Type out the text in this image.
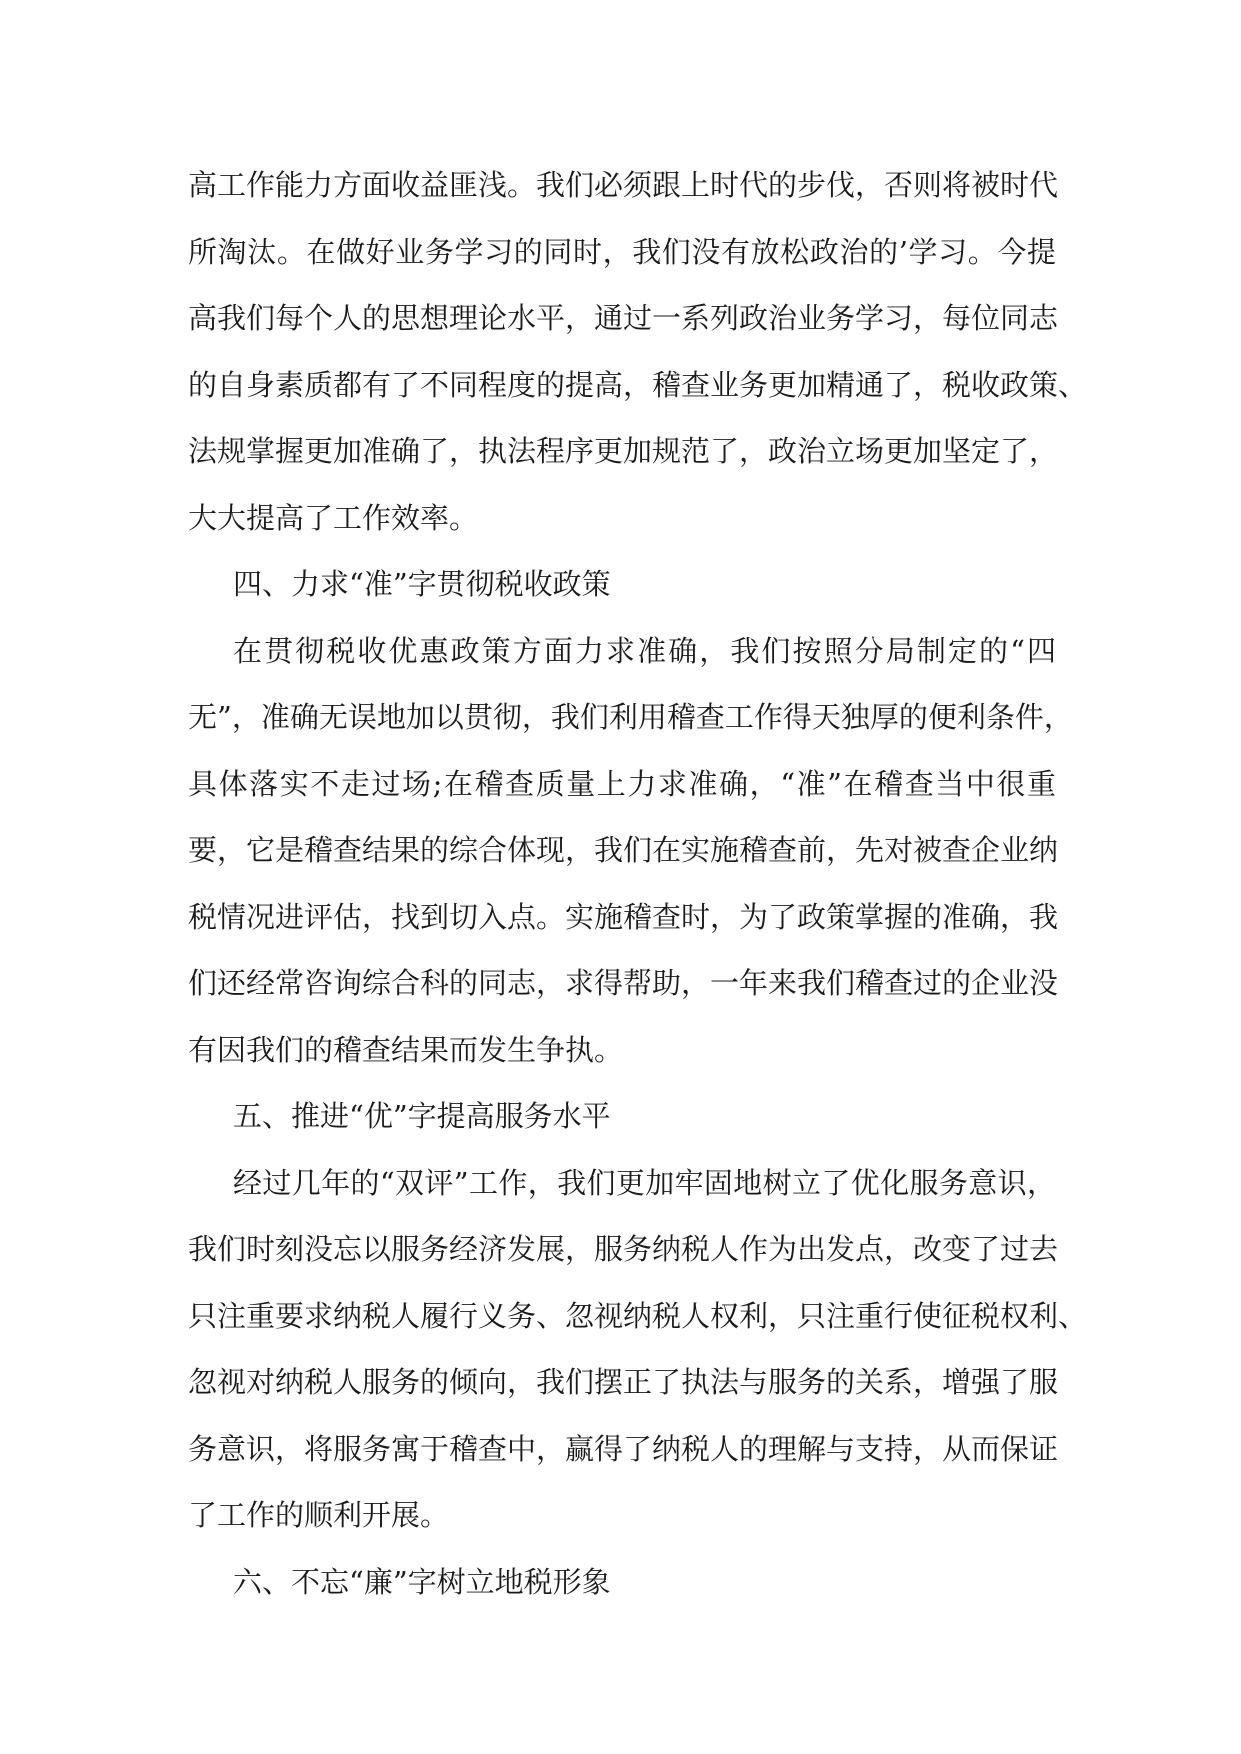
高工作能力方面收益匪浅。我们必须跟上时代的步伐，否则将被时代
所淘汰。在做好业务学习的同时，我们没有放松政治的’学习。今提
高我们每个人的思想理论水平，通过一系列政治业务学习，每位同志
的自身素质都有了不同程度的提高，稽查业务更加精通了，税收政策、
法规掌握更加准确了，执法程序更加规范了，政治立场更加坚定了，
大大提高了工作效率。
四、力求“准”字贯彻税收政策
在贯彻税收优惠政策方面力求准确，我们按照分局制定的“四
无”，准确无误地加以贯彻，我们利用稽查工作得天独厚的便利条件，
具体落实不走过场;在稽查质量上力求准确，“准”在稽查当中很重
要，它是稽查结果的综合体现，我们在实施稽查前，先对被查企业纳
税情况进评估，找到切入点。实施稽查时，为了政策掌握的准确，我
们还经常咨询综合科的同志，求得帮助，一年来我们稽查过的企业没
有因我们的稽查结果而发生争执。
五、推进“优”字提高服务水平
经过几年的“双评”工作，我们更加牢固地树立了优化服务意识，
我们时刻没忘以服务经济发展，服务纳税人作为出发点，改变了过去
只注重要求纳税人履行义务、忽视纳税人权利，只注重行使征税权利、
忽视对纳税人服务的倾向，我们摆正了执法与服务的关系，增强了服
务意识，将服务寓于稽查中，赢得了纳税人的理解与支持，从而保证
了工作的顺利开展。
六、不忘“廉”字树立地税形象
